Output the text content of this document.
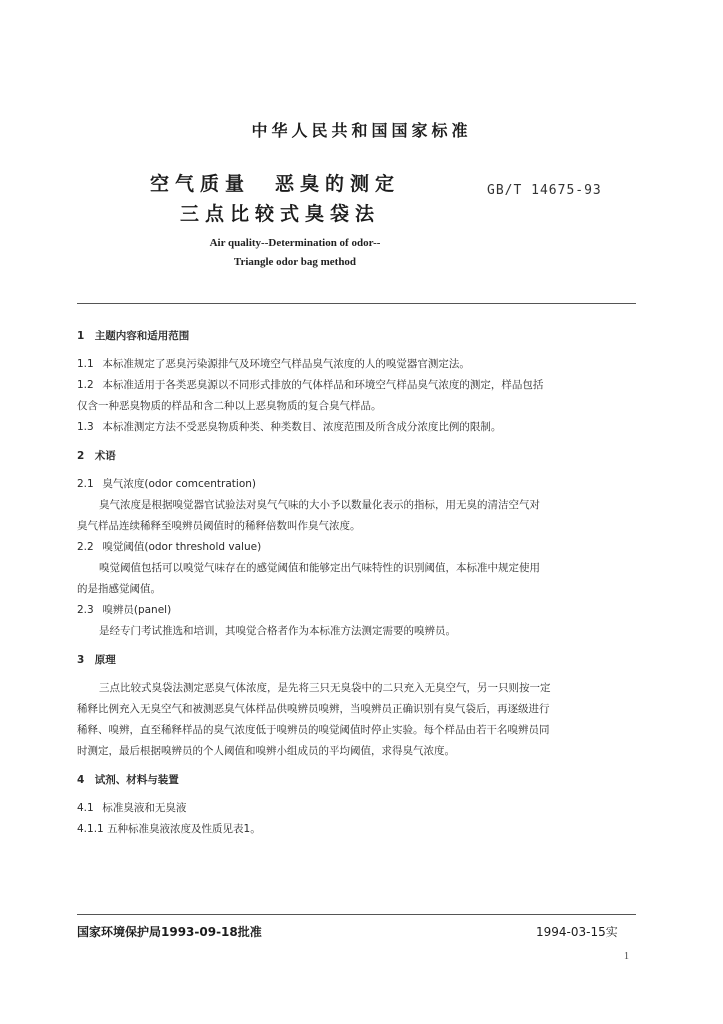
中华人民共和国国家标准
空气质量　恶臭的测定
三点比较式臭袋法
GB/T 14675-93
Air quality--Determination of odor--
Triangle odor bag method
1　主题内容和适用范围

1.1 本标准规定了恶臭污染源排气及环境空气样品臭气浓度的人的嗅觉器官测定法。

1.2 本标准适用于各类恶臭源以不同形式排放的气体样品和环境空气样品臭气浓度的测定，样品包括

仅含一种恶臭物质的样品和含二种以上恶臭物质的复合臭气样品。

1.3 本标准测定方法不受恶臭物质种类、种类数目、浓度范围及所含成分浓度比例的限制。

2　术语

2.1 臭气浓度(odor comcentration)

臭气浓度是根据嗅觉器官试验法对臭气气味的大小予以数量化表示的指标，用无臭的清洁空气对

臭气样品连续稀释至嗅辨员阈值时的稀释倍数叫作臭气浓度。

2.2 嗅觉阈值(odor threshold value)

嗅觉阈值包括可以嗅觉气味存在的感觉阈值和能够定出气味特性的识别阈值，本标准中规定使用

的是指感觉阈值。

2.3 嗅辨员(panel)

是经专门考试推选和培训，其嗅觉合格者作为本标准方法测定需要的嗅辨员。

3　原理

三点比较式臭袋法测定恶臭气体浓度，是先将三只无臭袋中的二只充入无臭空气，另一只则按一定

稀释比例充入无臭空气和被测恶臭气体样品供嗅辨员嗅辨，当嗅辨员正确识别有臭气袋后，再逐级进行

稀释、嗅辨，直至稀释样品的臭气浓度低于嗅辨员的嗅觉阈值时停止实验。每个样品由若干名嗅辨员同

时测定，最后根据嗅辨员的个人阈值和嗅辨小组成员的平均阈值，求得臭气浓度。

4　试剂、材料与装置

4.1 标准臭液和无臭液

4.1.1 五种标准臭液浓度及性质见表1。

国家环境保护局1993-09-18批准	1994-03-15实
1
